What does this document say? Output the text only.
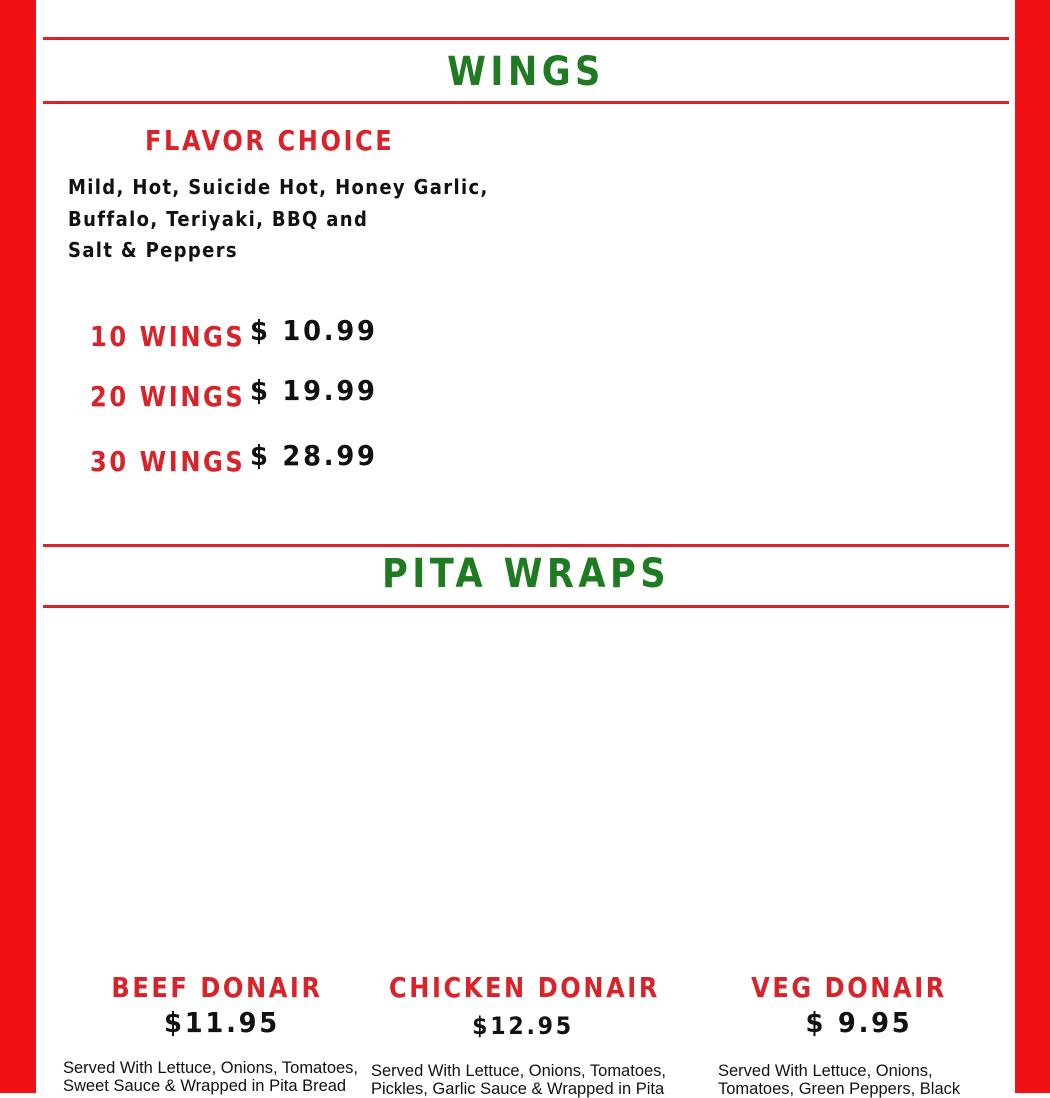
WINGS
FLAVOR CHOICE

Mild, Hot, Suicide Hot, Honey Garlic,
Buffalo, Teriyaki, BBQ and
Salt & Peppers

10 WINGS $ 10.99
20 WINGS $ 19.99
30 WINGS $ 28.99
PITA WRAPS
BEEF DONAIR
$11.95

Served With Lettuce, Onions, Tomatoes,
Sweet Sauce & Wrapped in Pita Bread

CHICKEN DONAIR
$12.95

Served With Lettuce, Onions, Tomatoes,
Pickles, Garlic Sauce & Wrapped in Pita

VEG DONAIR
$ 9.95

Served With Lettuce, Onions,
Tomatoes, Green Peppers, Black
